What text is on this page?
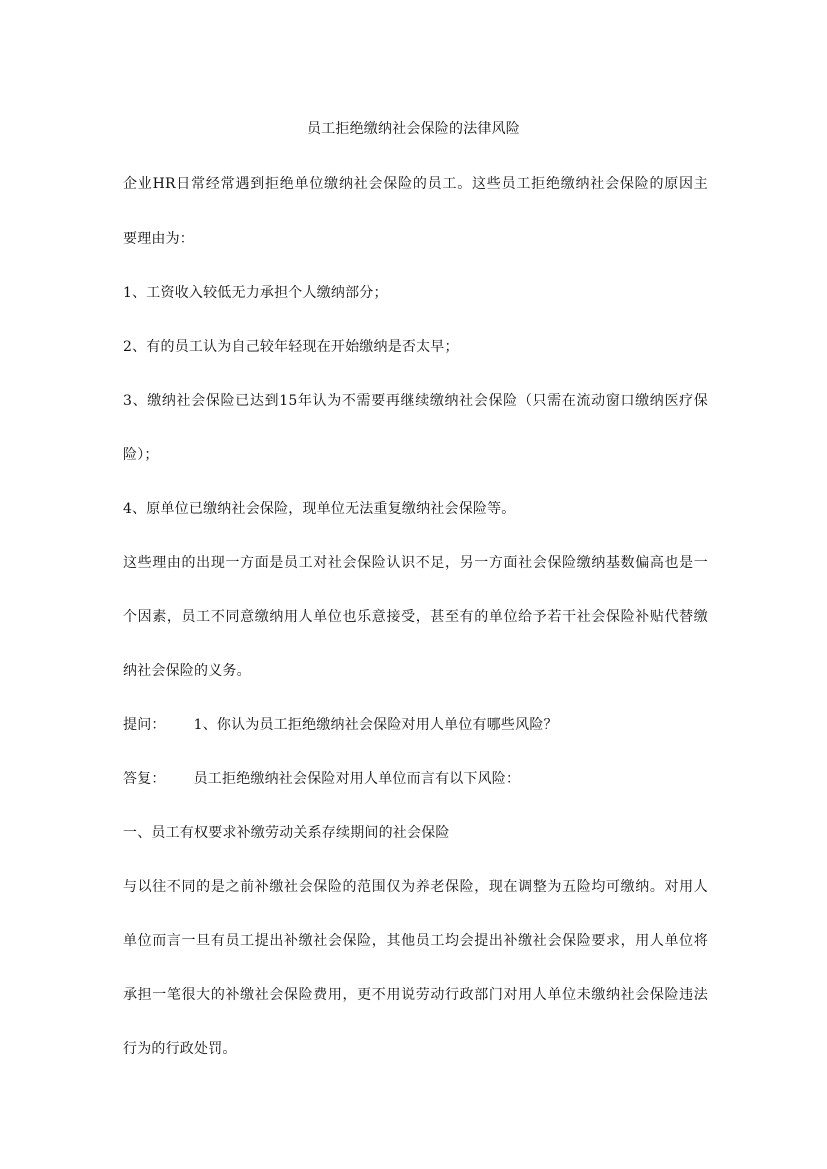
员工拒绝缴纳社会保险的法律风险
企业HR日常经常遇到拒绝单位缴纳社会保险的员工。这些员工拒绝缴纳社会保险的原因主
要理由为：
1、工资收入较低无力承担个人缴纳部分；
2、有的员工认为自己较年轻现在开始缴纳是否太早；
3、缴纳社会保险已达到15年认为不需要再继续缴纳社会保险（只需在流动窗口缴纳医疗保
险）；
4、原单位已缴纳社会保险，现单位无法重复缴纳社会保险等。
这些理由的出现一方面是员工对社会保险认识不足，另一方面社会保险缴纳基数偏高也是一
个因素，员工不同意缴纳用人单位也乐意接受，甚至有的单位给予若干社会保险补贴代替缴
纳社会保险的义务。
提问： 1、你认为员工拒绝缴纳社会保险对用人单位有哪些风险？
答复： 员工拒绝缴纳社会保险对用人单位而言有以下风险：
一、员工有权要求补缴劳动关系存续期间的社会保险
与以往不同的是之前补缴社会保险的范围仅为养老保险，现在调整为五险均可缴纳。对用人
单位而言一旦有员工提出补缴社会保险，其他员工均会提出补缴社会保险要求，用人单位将
承担一笔很大的补缴社会保险费用，更不用说劳动行政部门对用人单位未缴纳社会保险违法
行为的行政处罚。
